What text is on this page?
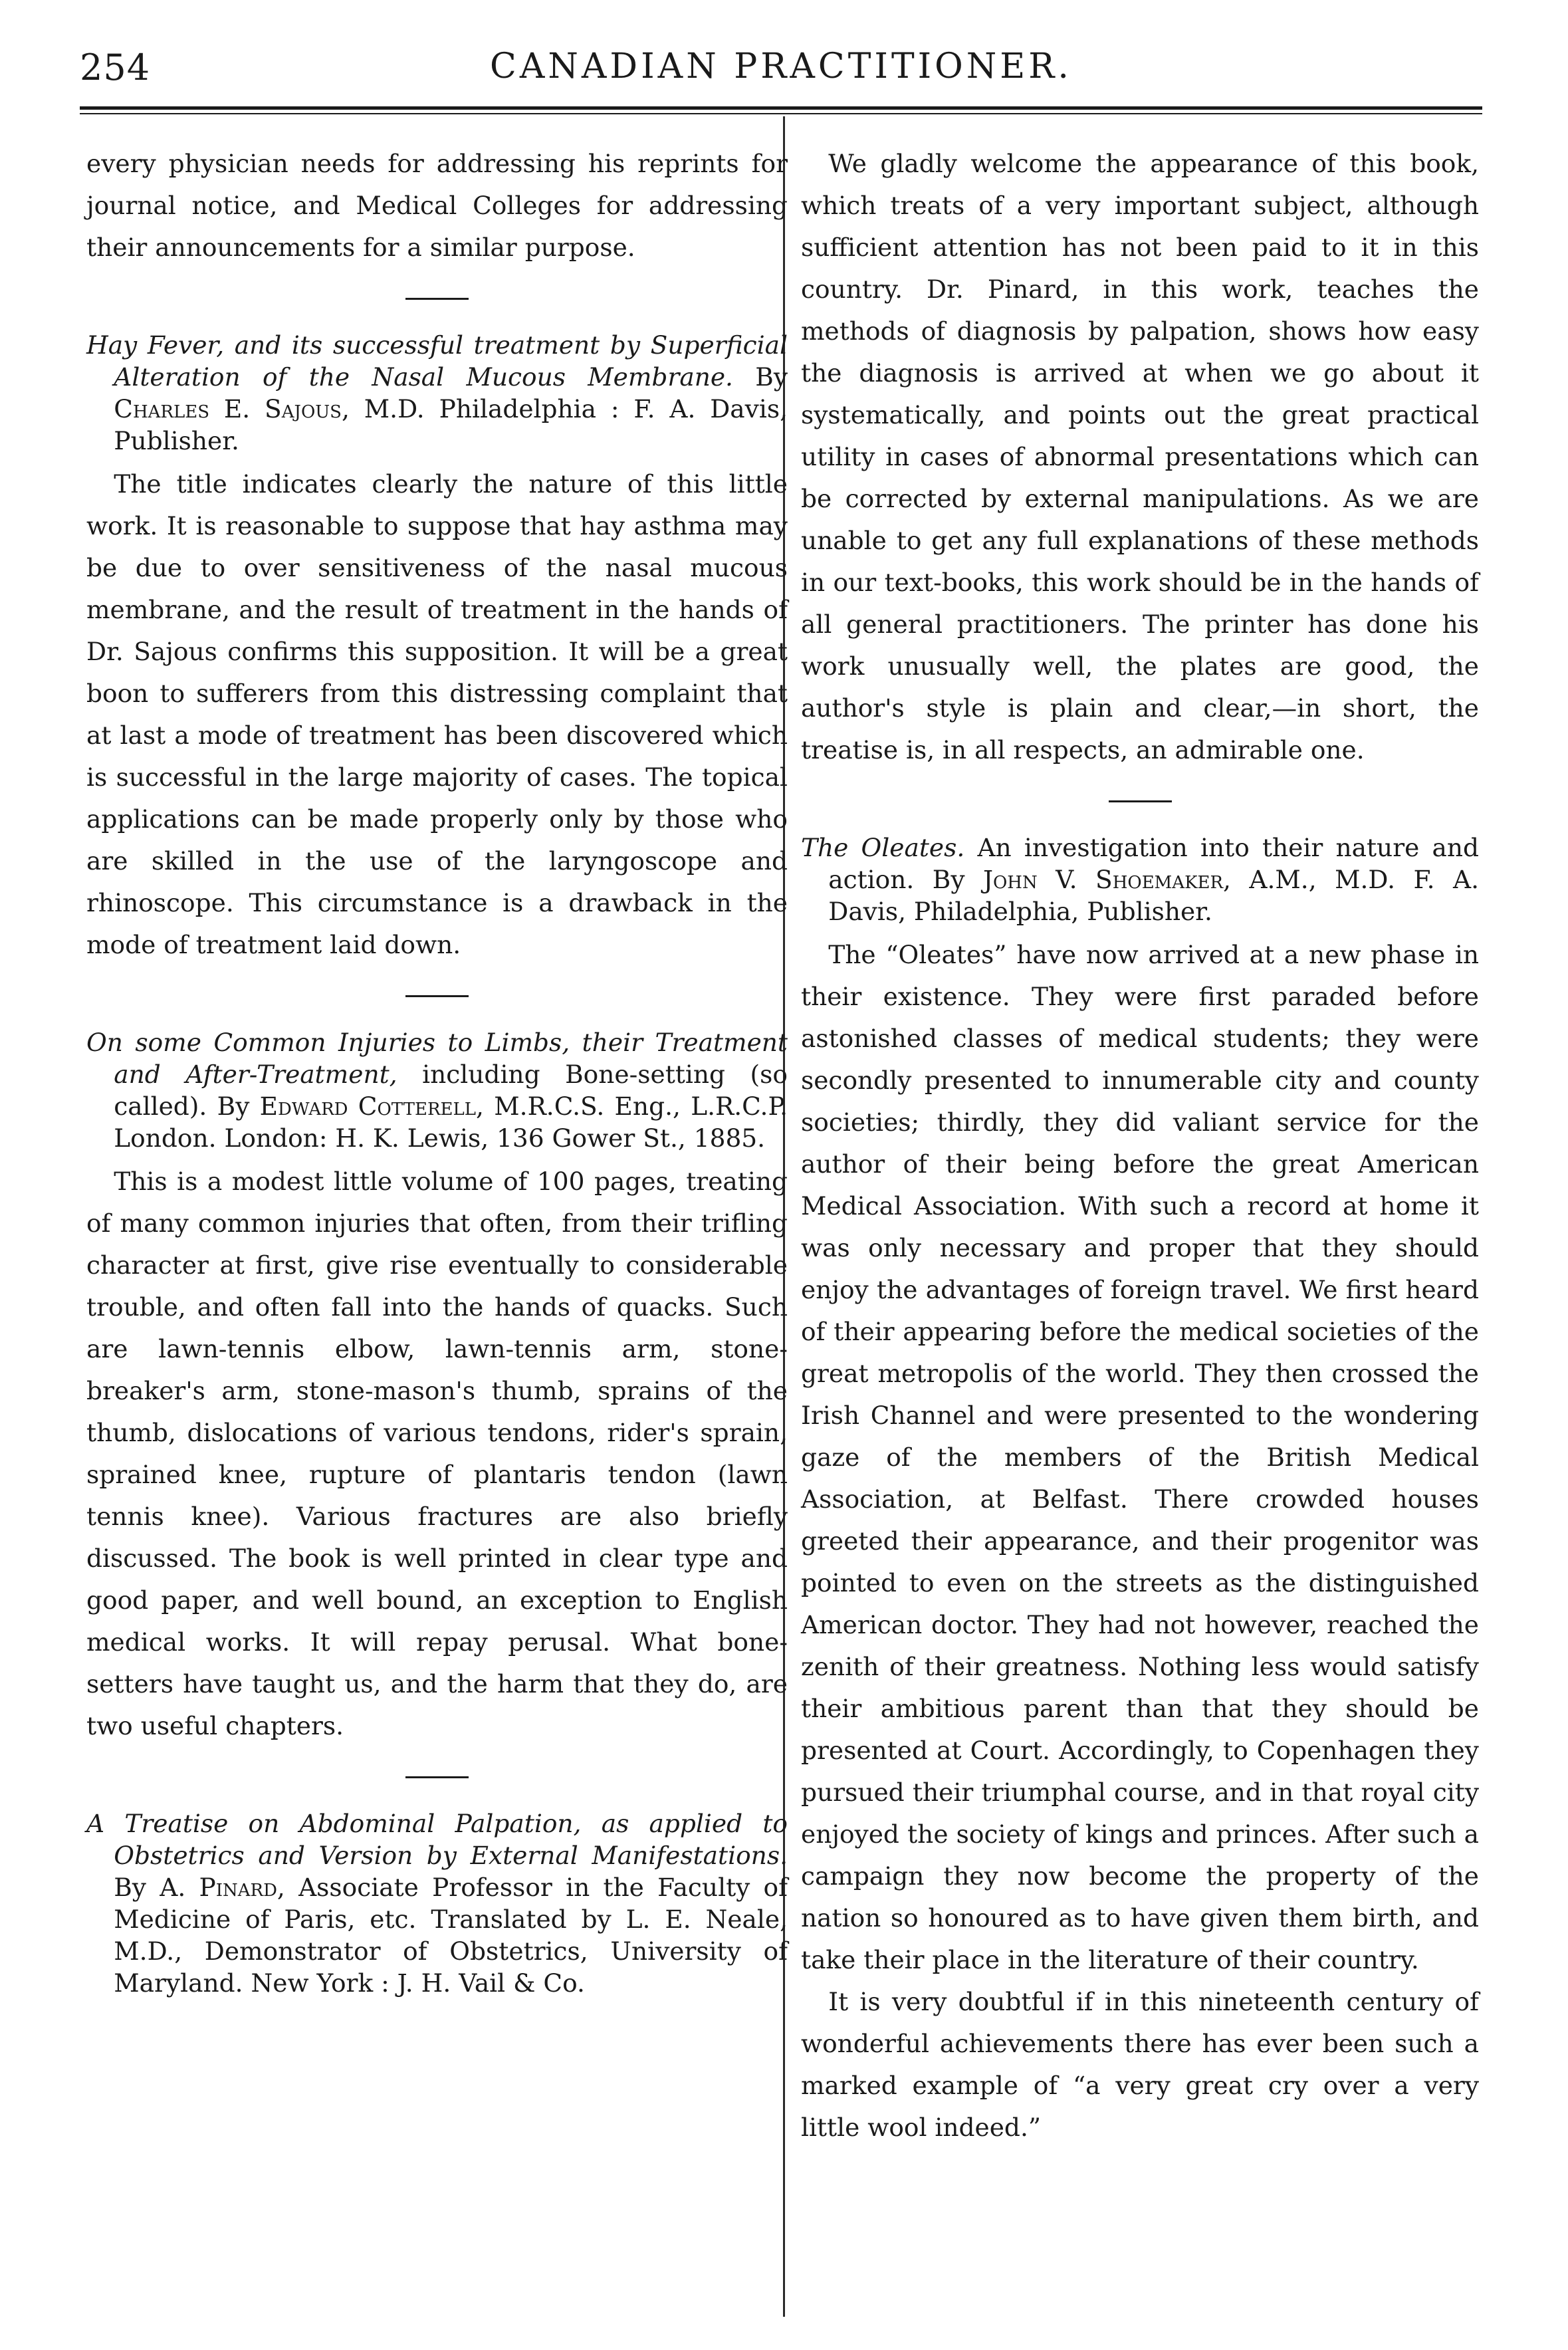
254	CANADIAN PRACTITIONER.

every physician needs for addressing his reprints for journal notice, and Medical Colleges for addressing their announcements for a similar purpose.

Hay Fever, and its successful treatment by Superficial Alteration of the Nasal Mucous Membrane. By Charles E. Sajous, M.D. Philadelphia : F. A. Davis, Publisher.

The title indicates clearly the nature of this little work. It is reasonable to suppose that hay asthma may be due to over sensitiveness of the nasal mucous membrane, and the result of treatment in the hands of Dr. Sajous confirms this supposition. It will be a great boon to sufferers from this distressing complaint that at last a mode of treatment has been discovered which is successful in the large majority of cases. The topical applications can be made properly only by those who are skilled in the use of the laryngoscope and rhinoscope. This circumstance is a drawback in the mode of treatment laid down.

On some Common Injuries to Limbs, their Treatment and After-Treatment, including Bone-setting (so called). By Edward Cotterell, M.R.C.S. Eng., L.R.C.P. London. London: H. K. Lewis, 136 Gower St., 1885.

This is a modest little volume of 100 pages, treating of many common injuries that often, from their trifling character at first, give rise eventually to considerable trouble, and often fall into the hands of quacks. Such are lawn-tennis elbow, lawn-tennis arm, stone-breaker's arm, stone-mason's thumb, sprains of the thumb, dislocations of various tendons, rider's sprain, sprained knee, rupture of plantaris tendon (lawn tennis knee). Various fractures are also briefly discussed. The book is well printed in clear type and good paper, and well bound, an exception to English medical works. It will repay perusal. What bone-setters have taught us, and the harm that they do, are two useful chapters.

A Treatise on Abdominal Palpation, as applied to Obstetrics and Version by External Manifestations. By A. Pinard, Associate Professor in the Faculty of Medicine of Paris, etc. Translated by L. E. Neale, M.D., Demonstrator of Obstetrics, University of Maryland. New York : J. H. Vail & Co.

We gladly welcome the appearance of this book, which treats of a very important subject, although sufficient attention has not been paid to it in this country. Dr. Pinard, in this work, teaches the methods of diagnosis by palpation, shows how easy the diagnosis is arrived at when we go about it systematically, and points out the great practical utility in cases of abnormal presentations which can be corrected by external manipulations. As we are unable to get any full explanations of these methods in our text-books, this work should be in the hands of all general practitioners. The printer has done his work unusually well, the plates are good, the author's style is plain and clear,—in short, the treatise is, in all respects, an admirable one.

The Oleates. An investigation into their nature and action. By John V. Shoemaker, A.M., M.D. F. A. Davis, Philadelphia, Publisher.

The “Oleates” have now arrived at a new phase in their existence. They were first paraded before astonished classes of medical students; they were secondly presented to innumerable city and county societies; thirdly, they did valiant service for the author of their being before the great American Medical Association. With such a record at home it was only necessary and proper that they should enjoy the advantages of foreign travel. We first heard of their appearing before the medical societies of the great metropolis of the world. They then crossed the Irish Channel and were presented to the wondering gaze of the members of the British Medical Association, at Belfast. There crowded houses greeted their appearance, and their progenitor was pointed to even on the streets as the distinguished American doctor. They had not however, reached the zenith of their greatness. Nothing less would satisfy their ambitious parent than that they should be presented at Court. Accordingly, to Copenhagen they pursued their triumphal course, and in that royal city enjoyed the society of kings and princes. After such a campaign they now become the property of the nation so honoured as to have given them birth, and take their place in the literature of their country.

It is very doubtful if in this nineteenth century of wonderful achievements there has ever been such a marked example of “a very great cry over a very little wool indeed.”
